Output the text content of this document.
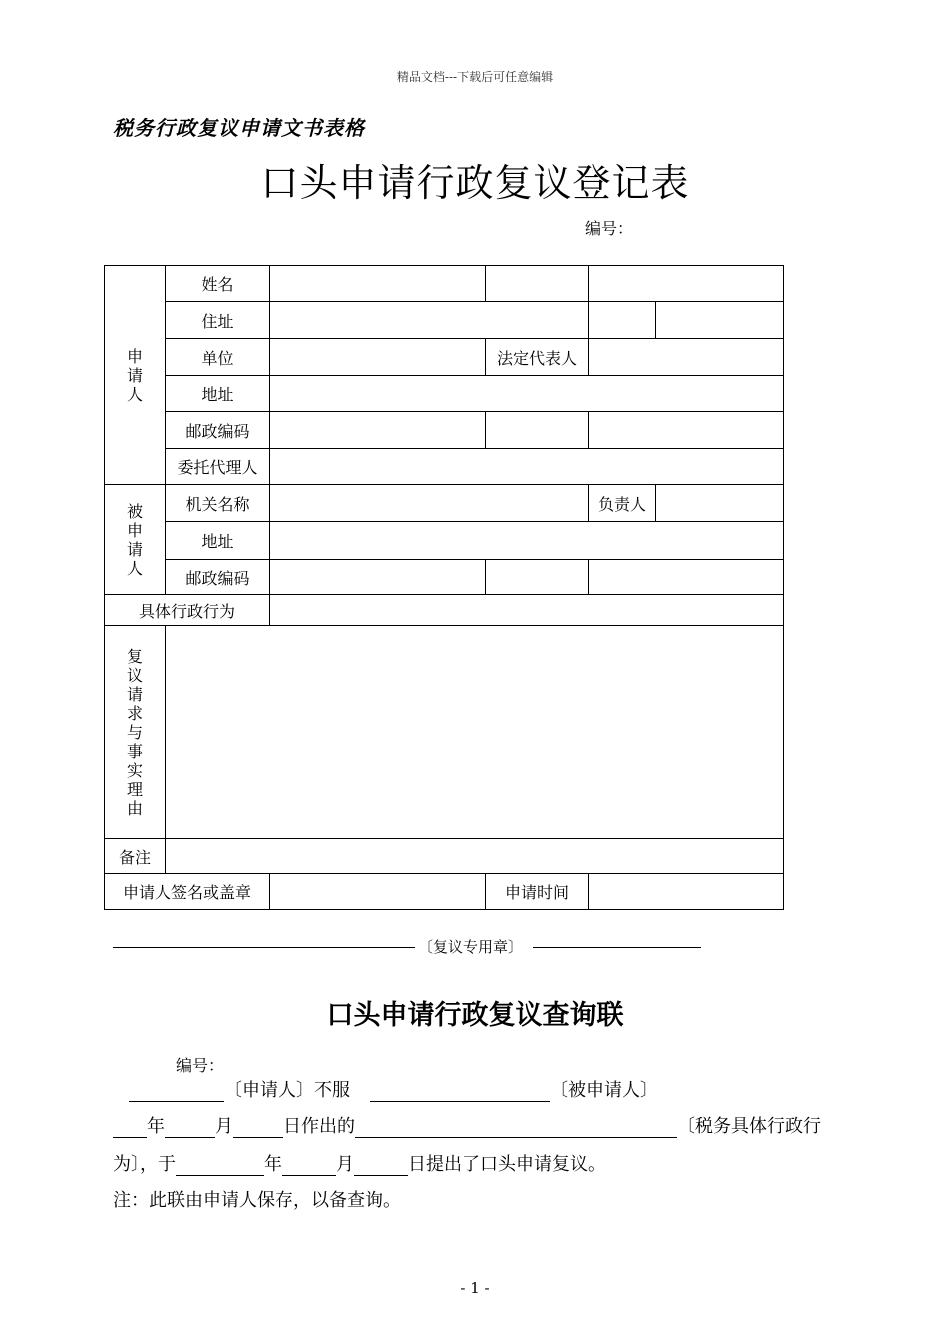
精品文档---下载后可任意编辑
税务行政复议申请文书表格
口头申请行政复议登记表
编号：
申请人	姓名				
	住址				
	单位		法定代表人		
	地址				
	邮政编码				
	委托代理人				
被申请人	机关名称			负责人	
	地址				
	邮政编码				
具体行政行为					
复议请求与事实理由					
备注					
申请人签名或盖章			申请时间		
〔复议专用章〕
口头申请行政复议查询联
编号：
〔申请人〕不服	〔被申请人〕
年	月	日作出的	〔税务具体行政行
为〕，于	年	月	日提出了口头申请复议。
注：此联由申请人保存，以备查询。
- 1 -
